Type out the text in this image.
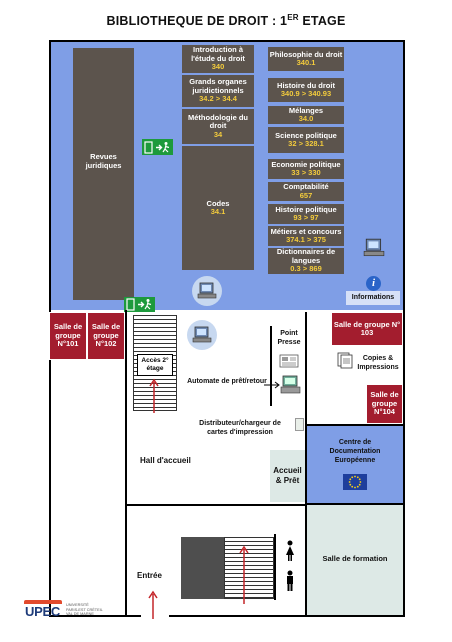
BIBLIOTHEQUE DE DROIT : 1ER ETAGE
Revues juridiques
Introduction à l'étude du droit
340
Grands organes juridictionnels
34.2 > 34.4
Méthodologie du droit
34
Codes
34.1
Philosophie du droit
340.1
Histoire du droit
340.9 > 340.93
Mélanges
34.0
Science politique
32 > 328.1
Economie politique
33 > 330
Comptabilité
657
Histoire politique
93 > 97
Métiers et concours
374.1 > 375
Dictionnaires de langues
0.3 > 869
i
Informations
Salle de groupe N°101
Salle de groupe N°102
Accès 2° étage
Point Presse
Automate de prêt/retour
Copies & Impressions
Distributeur/chargeur de cartes d'impression
Salle de groupe N° 103
Salle de groupe N°104
Hall d'accueil
Accueil & Prêt
Centre de Documentation Européenne
Salle de formation
Entrée
UPEC UNIVERSITÉ
PARIS-EST CRÉTEIL
VAL DE MARNE
